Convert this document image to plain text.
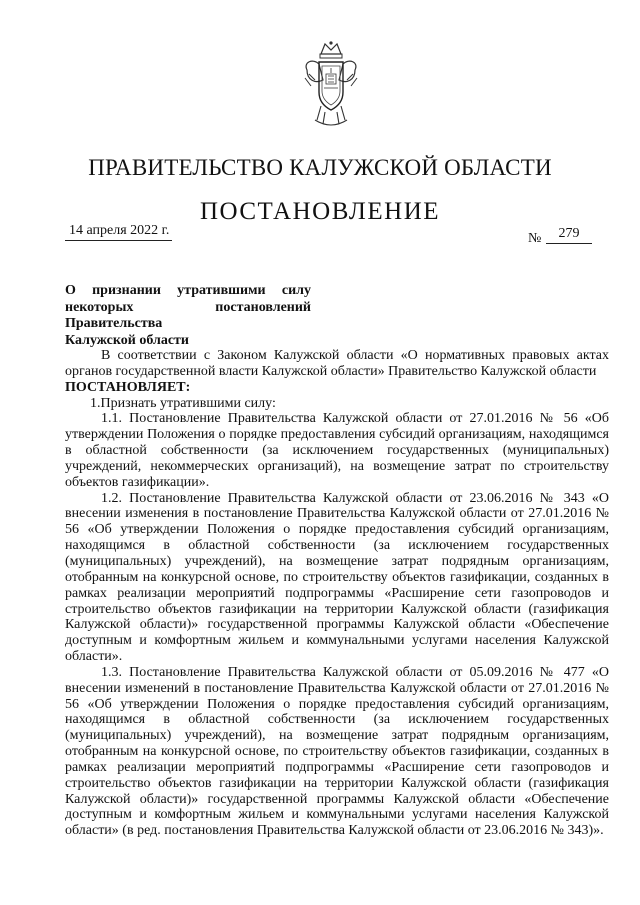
ПРАВИТЕЛЬСТВО КАЛУЖСКОЙ ОБЛАСТИ
ПОСТАНОВЛЕНИЕ
14 апреля 2022 г.
№	279
О признании утратившими силу
некоторых постановлений Правительства
Калужской области

В соответствии с Законом Калужской области «О нормативных правовых актах органов государственной власти Калужской области» Правительство Калужской области

ПОСТАНОВЛЯЕТ:

1.Признать утратившими силу:

1.1. Постановление Правительства Калужской области от 27.01.2016 № 56 «Об утверждении Положения о порядке предоставления субсидий организациям, находящимся в областной собственности (за исключением государственных (муниципальных) учреждений, некоммерческих организаций), на возмещение затрат по строительству объектов газификации».

1.2. Постановление Правительства Калужской области от 23.06.2016 № 343 «О внесении изменения в постановление Правительства Калужской области от 27.01.2016 № 56 «Об утверждении Положения о порядке предоставления субсидий организациям, находящимся в областной собственности (за исключением государственных (муниципальных) учреждений), на возмещение затрат подрядным организациям, отобранным на конкурсной основе, по строительству объектов газификации, созданных в рамках реализации мероприятий подпрограммы «Расширение сети газопроводов и строительство объектов газификации на территории Калужской области (газификация Калужской области)» государственной программы Калужской области «Обеспечение доступным и комфортным жильем и коммунальными услугами населения Калужской области».

1.3. Постановление Правительства Калужской области от 05.09.2016 № 477 «О внесении изменений в постановление Правительства Калужской области от 27.01.2016 № 56 «Об утверждении Положения о порядке предоставления субсидий организациям, находящимся в областной собственности (за исключением государственных (муниципальных) учреждений), на возмещение затрат подрядным организациям, отобранным на конкурсной основе, по строительству объектов газификации, созданных в рамках реализации мероприятий подпрограммы «Расширение сети газопроводов и строительство объектов газификации на территории Калужской области (газификация Калужской области)» государственной программы Калужской области «Обеспечение доступным и комфортным жильем и коммунальными услугами населения Калужской области» (в ред. постановления Правительства Калужской области от 23.06.2016 № 343)».
